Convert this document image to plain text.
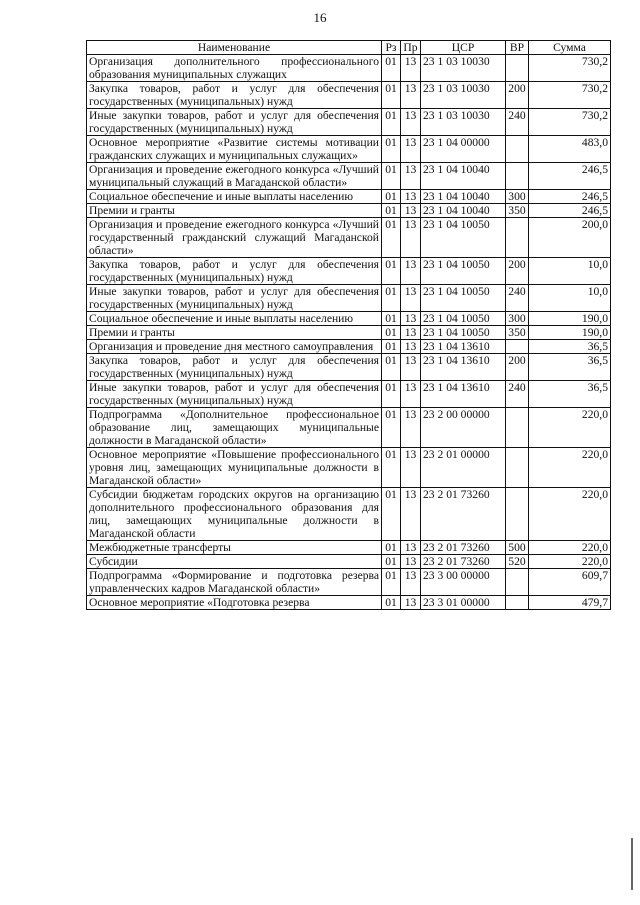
16
Наименование	Рз	Пр	ЦСР	ВР	Сумма
Организация дополнительного профессионального образования муниципальных служащих	01	13	23 1 03 10030		730,2
Закупка товаров, работ и услуг для обеспечения государственных (муниципальных) нужд	01	13	23 1 03 10030	200	730,2
Иные закупки товаров, работ и услуг для обеспечения государственных (муниципальных) нужд	01	13	23 1 03 10030	240	730,2
Основное мероприятие «Развитие системы мотивации гражданских служащих и муниципальных служащих»	01	13	23 1 04 00000		483,0
Организация и проведение ежегодного конкурса «Лучший муниципальный служащий в Магаданской области»	01	13	23 1 04 10040		246,5
Социальное обеспечение и иные выплаты населению	01	13	23 1 04 10040	300	246,5
Премии и гранты	01	13	23 1 04 10040	350	246,5
Организация и проведение ежегодного конкурса «Лучший государственный гражданский служащий Магаданской области»	01	13	23 1 04 10050		200,0
Закупка товаров, работ и услуг для обеспечения государственных (муниципальных) нужд	01	13	23 1 04 10050	200	10,0
Иные закупки товаров, работ и услуг для обеспечения государственных (муниципальных) нужд	01	13	23 1 04 10050	240	10,0
Социальное обеспечение и иные выплаты населению	01	13	23 1 04 10050	300	190,0
Премии и гранты	01	13	23 1 04 10050	350	190,0
Организация и проведение дня местного самоуправления	01	13	23 1 04 13610		36,5
Закупка товаров, работ и услуг для обеспечения государственных (муниципальных) нужд	01	13	23 1 04 13610	200	36,5
Иные закупки товаров, работ и услуг для обеспечения государственных (муниципальных) нужд	01	13	23 1 04 13610	240	36,5
Подпрограмма «Дополнительное профессиональное образование лиц, замещающих муниципальные должности в Магаданской области»	01	13	23 2 00 00000		220,0
Основное мероприятие «Повышение профессионального уровня лиц, замещающих муниципальные должности в Магаданской области»	01	13	23 2 01 00000		220,0
Субсидии бюджетам городских округов на организацию дополнительного профессионального образования для лиц, замещающих муниципальные должности в Магаданской области	01	13	23 2 01 73260		220,0
Межбюджетные трансферты	01	13	23 2 01 73260	500	220,0
Субсидии	01	13	23 2 01 73260	520	220,0
Подпрограмма «Формирование и подготовка резерва управленческих кадров Магаданской области»	01	13	23 3 00 00000		609,7
Основное мероприятие «Подготовка резерва	01	13	23 3 01 00000		479,7
